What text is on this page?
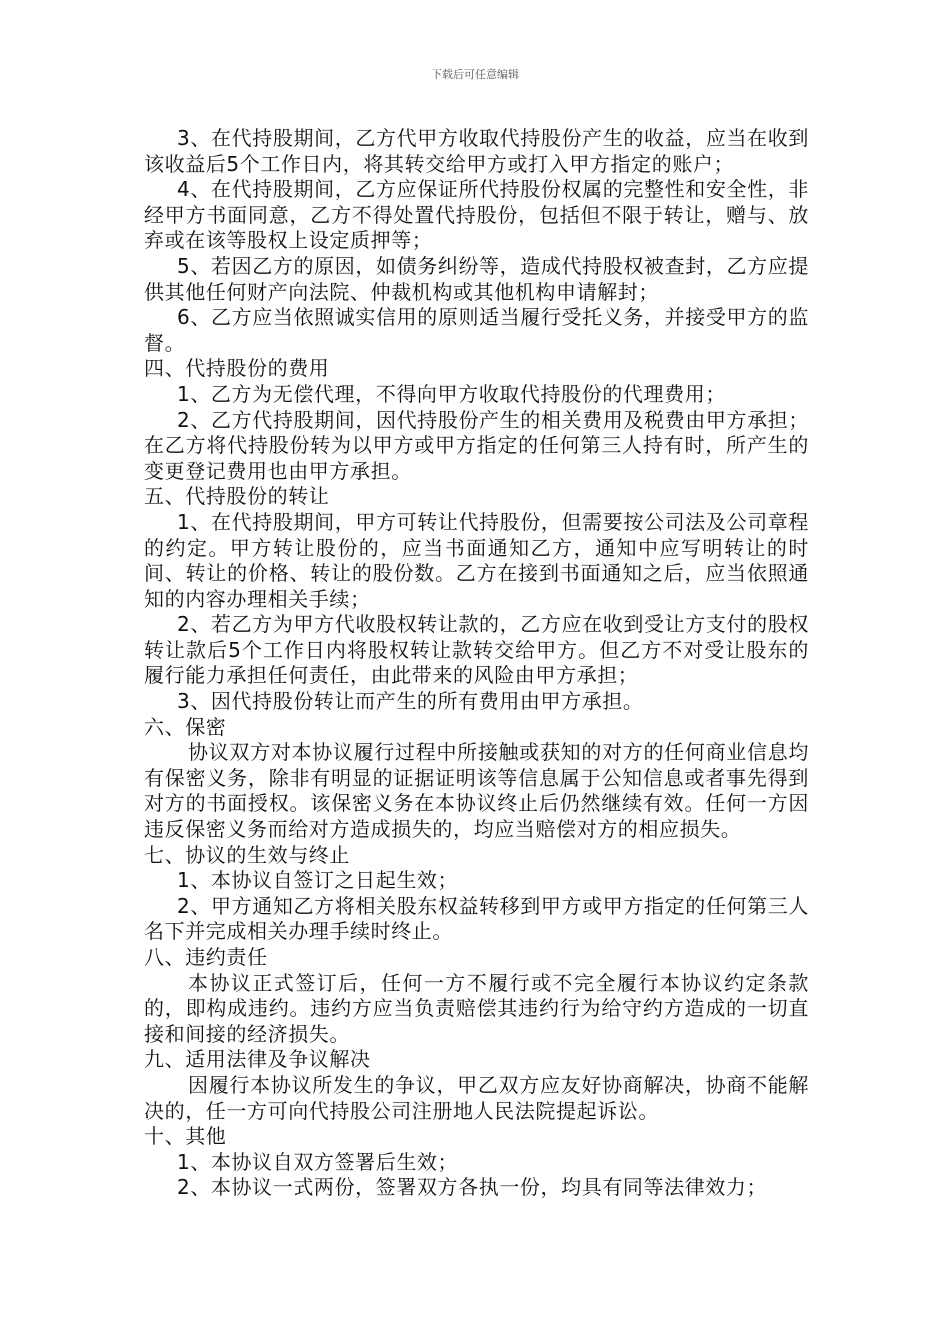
下载后可任意编辑

3、在代持股期间，乙方代甲方收取代持股份产生的收益，应当在收到该收益后5个工作日内，将其转交给甲方或打入甲方指定的账户；

4、在代持股期间，乙方应保证所代持股份权属的完整性和安全性，非经甲方书面同意，乙方不得处置代持股份，包括但不限于转让，赠与、放弃或在该等股权上设定质押等；

5、若因乙方的原因，如债务纠纷等，造成代持股权被查封，乙方应提供其他任何财产向法院、仲裁机构或其他机构申请解封；

6、乙方应当依照诚实信用的原则适当履行受托义务，并接受甲方的监督。

四、代持股份的费用

1、乙方为无偿代理，不得向甲方收取代持股份的代理费用；

2、乙方代持股期间，因代持股份产生的相关费用及税费由甲方承担；在乙方将代持股份转为以甲方或甲方指定的任何第三人持有时，所产生的变更登记费用也由甲方承担。

五、代持股份的转让

1、在代持股期间，甲方可转让代持股份，但需要按公司法及公司章程的约定。甲方转让股份的，应当书面通知乙方，通知中应写明转让的时间、转让的价格、转让的股份数。乙方在接到书面通知之后，应当依照通知的内容办理相关手续；

2、若乙方为甲方代收股权转让款的，乙方应在收到受让方支付的股权转让款后5个工作日内将股权转让款转交给甲方。但乙方不对受让股东的履行能力承担任何责任，由此带来的风险由甲方承担；

3、因代持股份转让而产生的所有费用由甲方承担。

六、保密

协议双方对本协议履行过程中所接触或获知的对方的任何商业信息均有保密义务，除非有明显的证据证明该等信息属于公知信息或者事先得到对方的书面授权。该保密义务在本协议终止后仍然继续有效。任何一方因违反保密义务而给对方造成损失的，均应当赔偿对方的相应损失。

七、协议的生效与终止

1、本协议自签订之日起生效；

2、甲方通知乙方将相关股东权益转移到甲方或甲方指定的任何第三人名下并完成相关办理手续时终止。

八、违约责任

本协议正式签订后，任何一方不履行或不完全履行本协议约定条款的，即构成违约。违约方应当负责赔偿其违约行为给守约方造成的一切直接和间接的经济损失。

九、适用法律及争议解决

因履行本协议所发生的争议，甲乙双方应友好协商解决，协商不能解决的，任一方可向代持股公司注册地人民法院提起诉讼。

十、其他

1、本协议自双方签署后生效；

2、本协议一式两份，签署双方各执一份，均具有同等法律效力；
